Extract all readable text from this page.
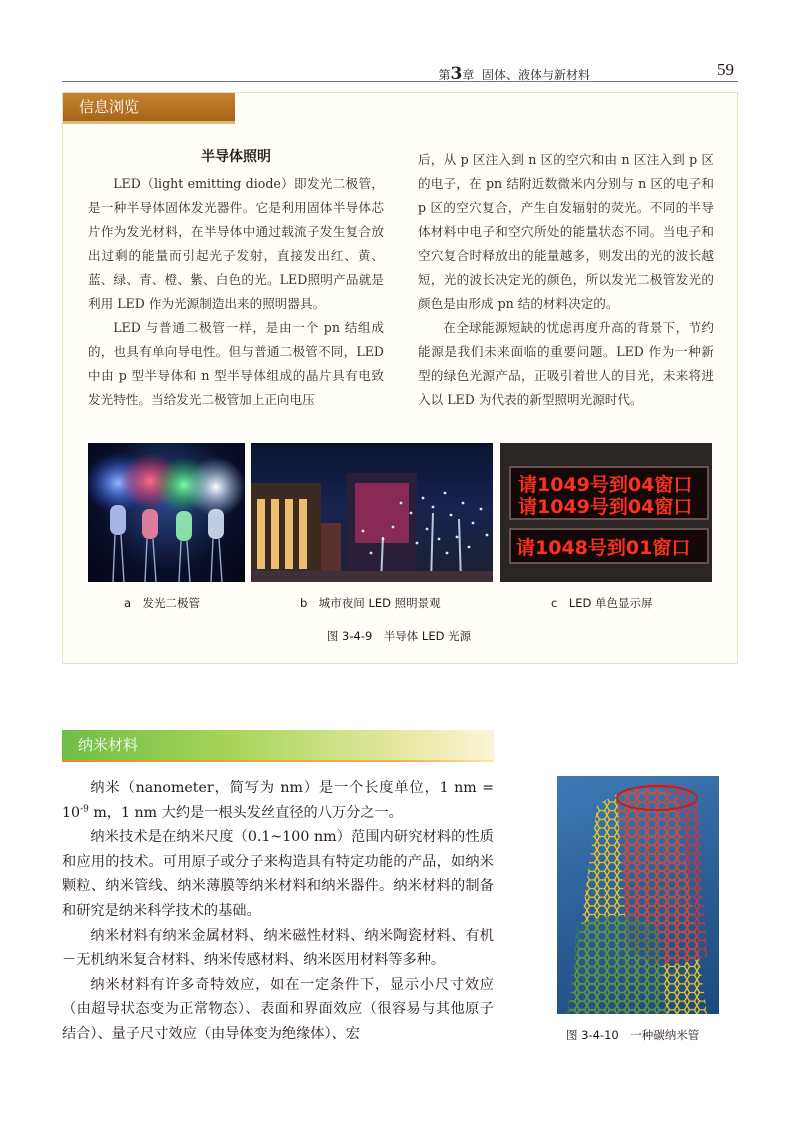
第3章 固体、液体与新材料	59
信息浏览
半导体照明

LED（light emitting diode）即发光二极管，是一种半导体固体发光器件。它是利用固体半导体芯片作为发光材料，在半导体中通过载流子发生复合放出过剩的能量而引起光子发射，直接发出红、黄、蓝、绿、青、橙、紫、白色的光。LED照明产品就是利用 LED 作为光源制造出来的照明器具。

LED 与普通二极管一样，是由一个 pn 结组成的，也具有单向导电性。但与普通二极管不同，LED 中由 p 型半导体和 n 型半导体组成的晶片具有电致发光特性。当给发光二极管加上正向电压

后，从 p 区注入到 n 区的空穴和由 n 区注入到 p 区的电子，在 pn 结附近数微米内分别与 n 区的电子和 p 区的空穴复合，产生自发辐射的荧光。不同的半导体材料中电子和空穴所处的能量状态不同。当电子和空穴复合时释放出的能量越多，则发出的光的波长越短，光的波长决定光的颜色，所以发光二极管发光的颜色是由形成 pn 结的材料决定的。

在全球能源短缺的忧虑再度升高的背景下，节约能源是我们未来面临的重要问题。LED 作为一种新型的绿色光源产品，正吸引着世人的目光，未来将进入以 LED 为代表的新型照明光源时代。

请1049号到04窗口
请1049号到04窗口
请1048号到01窗口
a　发光二极管	b　城市夜间 LED 照明景观	c　LED 单色显示屏
图 3-4-9　半导体 LED 光源
纳米材料

纳米（nanometer，简写为 nm）是一个长度单位，1 nm = $10^{-9}$ m，1 nm 大约是一根头发丝直径的八万分之一。

纳米技术是在纳米尺度（0.1~100 nm）范围内研究材料的性质和应用的技术。可用原子或分子来构造具有特定功能的产品，如纳米颗粒、纳米管线、纳米薄膜等纳米材料和纳米器件。纳米材料的制备和研究是纳米科学技术的基础。

纳米材料有纳米金属材料、纳米磁性材料、纳米陶瓷材料、有机－无机纳米复合材料、纳米传感材料、纳米医用材料等多种。

纳米材料有许多奇特效应，如在一定条件下，显示小尺寸效应（由超导状态变为正常物态）、表面和界面效应（很容易与其他原子结合）、量子尺寸效应（由导体变为绝缘体）、宏	图 3-4-10　一种碳纳米管
